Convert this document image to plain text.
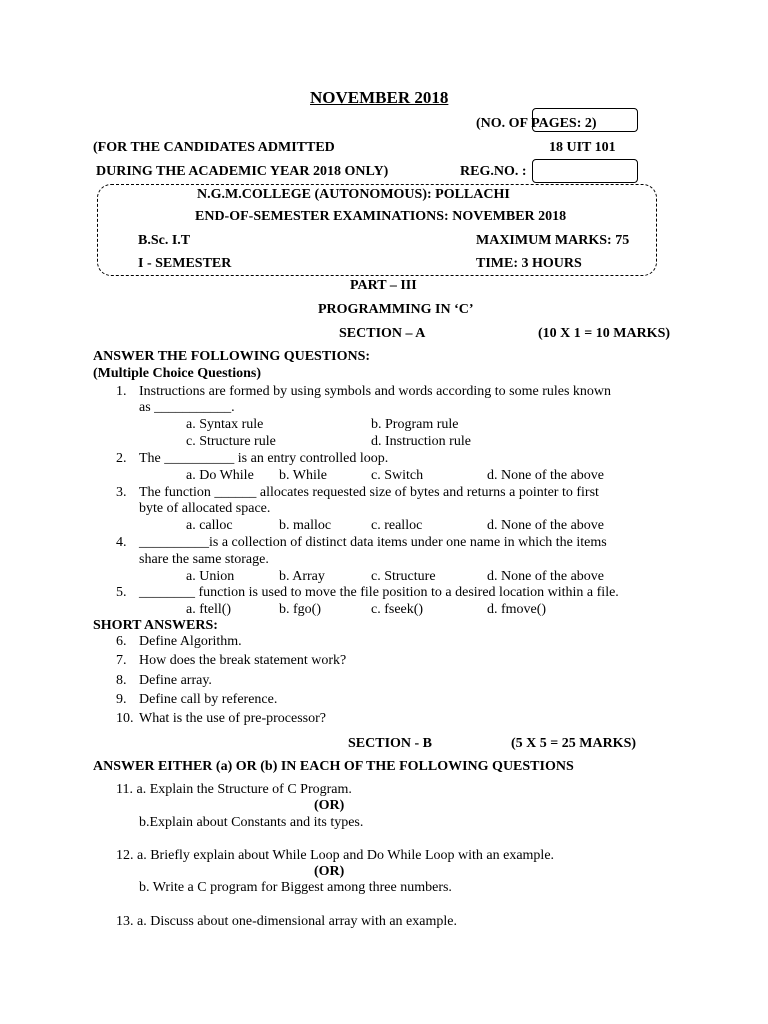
NOVEMBER 2018
(NO. OF PAGES: 2)
(FOR THE CANDIDATES ADMITTED	18 UIT 101
DURING THE ACADEMIC YEAR 2018 ONLY)	REG.NO. :
N.G.M.COLLEGE (AUTONOMOUS): POLLACHI
END-OF-SEMESTER EXAMINATIONS: NOVEMBER 2018
B.Sc. I.T	MAXIMUM MARKS: 75
I - SEMESTER	TIME: 3 HOURS
PART – III
PROGRAMMING IN ‘C’
SECTION – A	(10 X 1 = 10 MARKS)
ANSWER THE FOLLOWING QUESTIONS:
(Multiple Choice Questions)
1. Instructions are formed by using symbols and words according to some rules known
as ___________.
a. Syntax rule	b. Program rule
c. Structure rule	d. Instruction rule
2. The __________ is an entry controlled loop.
a. Do While b. While	c. Switch	d. None of the above
3. The function ______ allocates requested size of bytes and returns a pointer to first
byte of allocated space.
a. calloc	b. malloc	c. realloc	d. None of the above
4. __________is a collection of distinct data items under one name in which the items
share the same storage.
a. Union	b. Array	c. Structure	d. None of the above
5. ________ function is used to move the file position to a desired location within a file.
a. ftell()	b. fgo()	c. fseek()	d. fmove()
SHORT ANSWERS:
6. Define Algorithm.
7. How does the break statement work?
8. Define array.
9. Define call by reference.
10. What is the use of pre-processor?
SECTION - B	(5 X 5 = 25 MARKS)
ANSWER EITHER (a) OR (b) IN EACH OF THE FOLLOWING QUESTIONS
11. a. Explain the Structure of C Program.
(OR)
b.Explain about Constants and its types.
12. a. Briefly explain about While Loop and Do While Loop with an example.
(OR)
b. Write a C program for Biggest among three numbers.
13. a. Discuss about one-dimensional array with an example.
